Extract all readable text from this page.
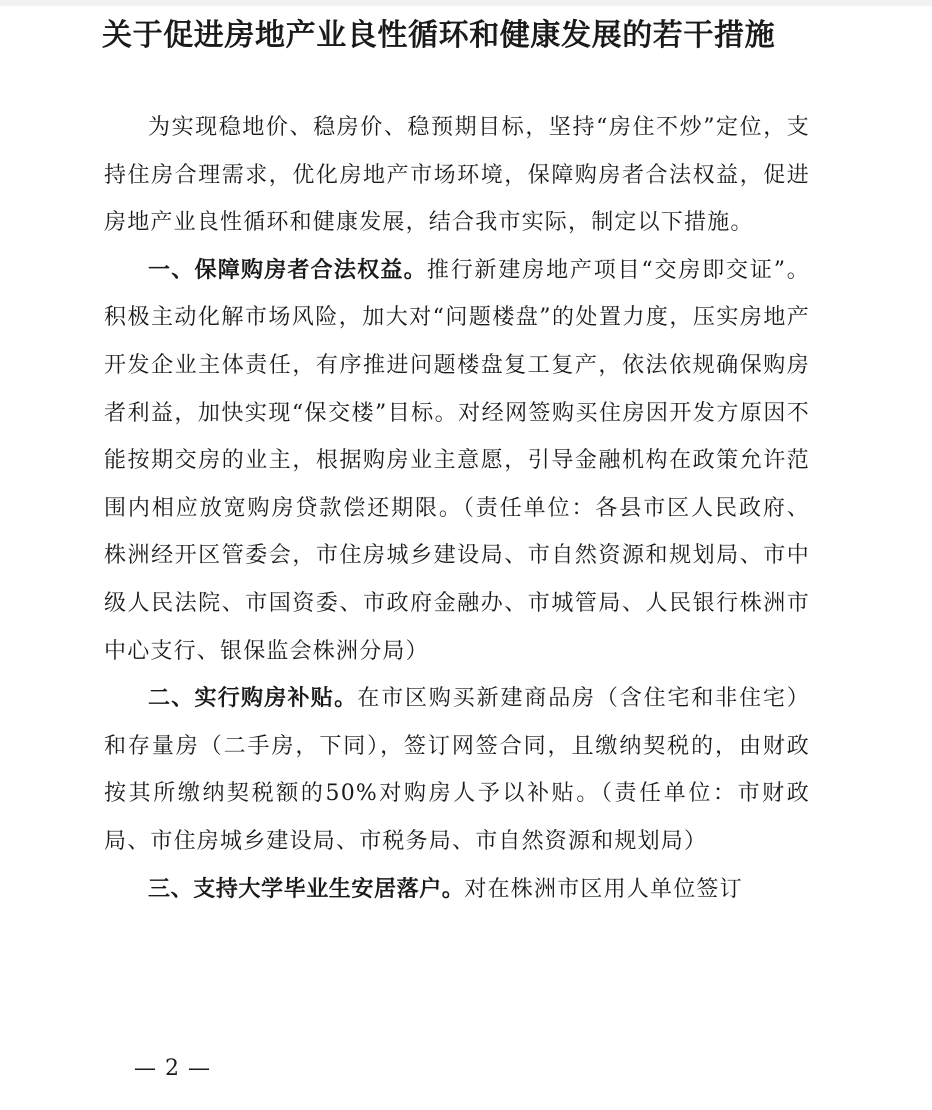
关于促进房地产业良性循环和健康发展的若干措施

为实现稳地价、稳房价、稳预期目标，坚持“房住不炒”定位，支持住房合理需求，优化房地产市场环境，保障购房者合法权益，促进房地产业良性循环和健康发展，结合我市实际，制定以下措施。

一、保障购房者合法权益。推行新建房地产项目“交房即交证”。积极主动化解市场风险，加大对“问题楼盘”的处置力度，压实房地产开发企业主体责任，有序推进问题楼盘复工复产，依法依规确保购房者利益，加快实现“保交楼”目标。对经网签购买住房因开发方原因不能按期交房的业主，根据购房业主意愿，引导金融机构在政策允许范围内相应放宽购房贷款偿还期限。（责任单位：各县市区人民政府、株洲经开区管委会，市住房城乡建设局、市自然资源和规划局、市中级人民法院、市国资委、市政府金融办、市城管局、人民银行株洲市中心支行、银保监会株洲分局）

二、实行购房补贴。在市区购买新建商品房（含住宅和非住宅）和存量房（二手房，下同），签订网签合同，且缴纳契税的，由财政按其所缴纳契税额的50%对购房人予以补贴。（责任单位：市财政局、市住房城乡建设局、市税务局、市自然资源和规划局）

三、支持大学毕业生安居落户。对在株洲市区用人单位签订

— 2 —
